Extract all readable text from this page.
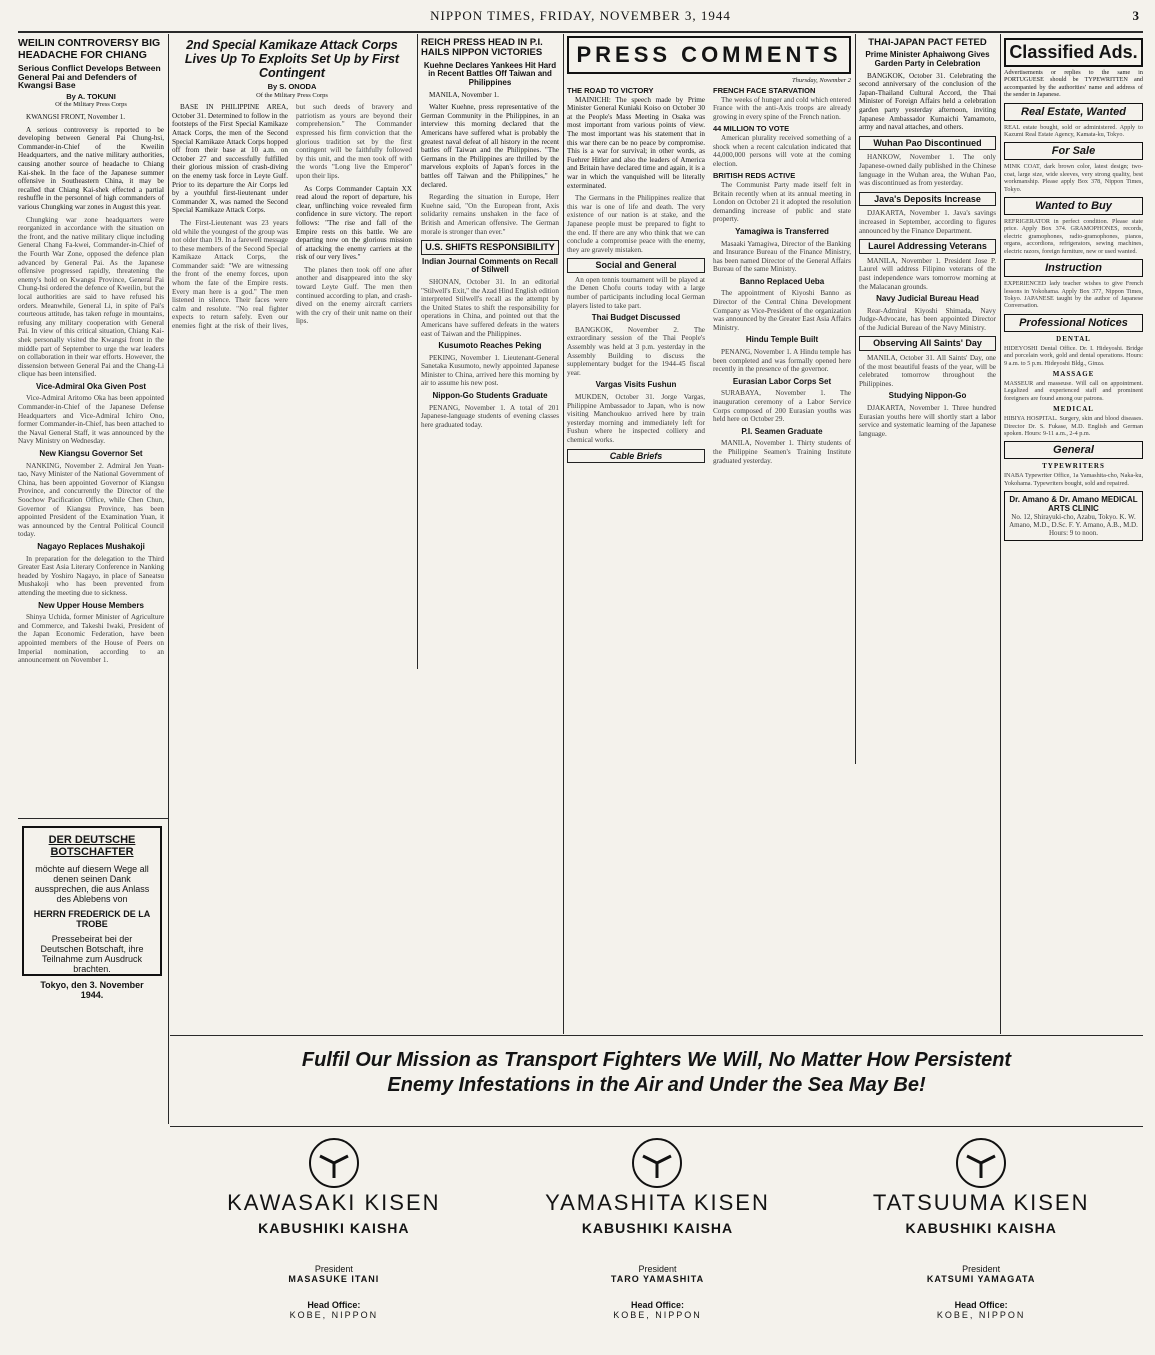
NIPPON TIMES, FRIDAY, NOVEMBER 3, 1944	3
WEILIN CONTROVERSY BIG HEADACHE FOR CHIANG
Serious Conflict Develops Between General Pai and Defenders of Kwangsi Base
By A. TOKUNI
Of the Military Press Corps

KWANGSI FRONT, November 1.

A serious controversy is reported to be developing between General Pai Chung-hsi, Commander-in-Chief of the Kweilin Headquarters, and the native military authorities, causing another source of headache to Chiang Kai-shek. In the face of the Japanese summer offensive in Southeastern China, it may be recalled that Chiang Kai-shek effected a partial reshuffle in the personnel of high commanders of various Chungking war zones in August this year.

Chungking war zone headquarters were reorganized in accordance with the situation on the front, and the native military clique including General Chang Fa-kwei, Commander-in-Chief of the Fourth War Zone, opposed the defence plan advanced by General Pai. As the Japanese offensive progressed rapidly, threatening the enemy's hold on Kwangsi Province, General Pai Chung-hsi ordered the defence of Kweilin, but the local authorities are said to have refused his orders. Meanwhile, General Li, in spite of Pai's courteous attitude, has taken refuge in mountains, refusing any military cooperation with General Pai. In view of this critical situation, Chiang Kai-shek personally visited the Kwangsi front in the middle part of September to urge the war leaders on collaboration in their war efforts. However, the dissension between General Pai and the Chang-Li clique has been intensified.

Vice-Admiral Oka Given Post

Vice-Admiral Aritomo Oka has been appointed Commander-in-Chief of the Japanese Defense Headquarters and Vice-Admiral Ichiro Ono, former Commander-in-Chief, has been attached to the Naval General Staff, it was announced by the Navy Ministry on Wednesday.

New Kiangsu Governor Set

NANKING, November 2. Admiral Jen Yuan-tao, Navy Minister of the National Government of China, has been appointed Governor of Kiangsu Province, and concurrently the Director of the Soochow Pacification Office, while Chen Chun, Governor of Kiangsu Province, has been appointed President of the Examination Yuan, it was announced by the Central Political Council today.

Nagayo Replaces Mushakoji

In preparation for the delegation to the Third Greater East Asia Literary Conference in Nanking headed by Yoshiro Nagayo, in place of Saneatsu Mushakoji who has been prevented from attending the meeting due to sickness.

New Upper House Members

Shinya Uchida, former Minister of Agriculture and Commerce, and Takeshi Iwaki, President of the Japan Economic Federation, have been appointed members of the House of Peers on Imperial nomination, according to an announcement on November 1.

DER DEUTSCHE BOTSCHAFTER
möchte auf diesem Wege all denen seinen Dank aussprechen, die aus Anlass des Ablebens von
HERRN FREDERICK DE LA TROBE
Pressebeirat bei der Deutschen Botschaft, ihre Teilnahme zum Ausdruck brachten.
Tokyo, den 3. November 1944.
2nd Special Kamikaze Attack Corps Lives Up To Exploits Set Up by First Contingent
By S. ONODA
Of the Military Press Corps

BASE IN PHILIPPINE AREA, October 31. Determined to follow in the footsteps of the First Special Kamikaze Attack Corps, the men of the Second Special Kamikaze Attack Corps hopped off from their base at 10 a.m. on October 27 and successfully fulfilled their glorious mission of crash-diving on the enemy task force in Leyte Gulf. Prior to its departure the Air Corps led by a youthful first-lieutenant under Commander X, was named the Second Special Kamikaze Attack Corps.

The First-Lieutenant was 23 years old while the youngest of the group was not older than 19. In a farewell message to these members of the Second Special Kamikaze Attack Corps, the Commander said: "We are witnessing the front of the enemy forces, upon whom the fate of the Empire rests. Every man here is a god." The men listened in silence. Their faces were calm and resolute. "No real fighter expects to return safely. Even our enemies fight at the risk of their lives, but such deeds of bravery and patriotism as yours are beyond their comprehension." The Commander expressed his firm conviction that the glorious tradition set by the first contingent will be faithfully followed by this unit, and the men took off with the words "Long live the Emperor" upon their lips.

As Corps Commander Captain XX read aloud the report of departure, his clear, unflinching voice revealed firm confidence in sure victory. The report follows: "The rise and fall of the Empire rests on this battle. We are departing now on the glorious mission of attacking the enemy carriers at the risk of our very lives."

The planes then took off one after another and disappeared into the sky toward Leyte Gulf. The men then continued according to plan, and crash-dived on the enemy aircraft carriers with the cry of their unit name on their lips.

REICH PRESS HEAD IN P.I. HAILS NIPPON VICTORIES
Kuehne Declares Yankees Hit Hard in Recent Battles Off Taiwan and Philippines

MANILA, November 1.

Walter Kuehne, press representative of the German Community in the Philippines, in an interview this morning declared that the Americans have suffered what is probably the greatest naval defeat of all history in the recent battles off Taiwan and the Philippines. "The Germans in the Philippines are thrilled by the marvelous exploits of Japan's forces in the battles off Taiwan and the Philippines," he declared.

Regarding the situation in Europe, Herr Kuehne said, "On the European front, Axis solidarity remains unshaken in the face of British and American offensive. The German morale is stronger than ever."

U.S. SHIFTS RESPONSIBILITY
Indian Journal Comments on Recall of Stilwell

SHONAN, October 31. In an editorial "Stilwell's Exit," the Azad Hind English edition interpreted Stilwell's recall as the attempt by the United States to shift the responsibility for operations in China, and pointed out that the Americans have suffered defeats in the waters east of Taiwan and the Philippines.

Kusumoto Reaches Peking

PEKING, November 1. Lieutenant-General Sanetaka Kusumoto, newly appointed Japanese Minister to China, arrived here this morning by air to assume his new post.

Nippon-Go Students Graduate

PENANG, November 1. A total of 201 Japanese-language students of evening classes here graduated today.

PRESS COMMENTS
Thursday, November 2
THE ROAD TO VICTORY

MAINICHI: The speech made by Prime Minister General Kuniaki Koiso on October 30 at the People's Mass Meeting in Osaka was most important from various points of view. The most important was his statement that in this war there can be no peace by compromise. This is a war for survival; in other words, as Fuehrer Hitler and also the leaders of America and Britain have declared time and again, it is a war in which the vanquished will be literally exterminated.

The Germans in the Philippines realize that this war is one of life and death. The very existence of our nation is at stake, and the Japanese people must be prepared to fight to the end. If there are any who think that we can conclude a compromise peace with the enemy, they are gravely mistaken.

Social and General

An open tennis tournament will be played at the Denen Chofu courts today with a large number of participants including local German players listed to take part.

Thai Budget Discussed

BANGKOK, November 2. The extraordinary session of the Thai People's Assembly was held at 3 p.m. yesterday in the Assembly Building to discuss the supplementary budget for the 1944-45 fiscal year.

Vargas Visits Fushun

MUKDEN, October 31. Jorge Vargas, Philippine Ambassador to Japan, who is now visiting Manchoukuo arrived here by train yesterday morning and immediately left for Fushun where he inspected colliery and chemical works.

Cable Briefs
FRENCH FACE STARVATION

The weeks of hunger and cold which entered France with the anti-Axis troops are already growing in every spine of the French nation.

44 MILLION TO VOTE

American plurality received something of a shock when a recent calculation indicated that 44,000,000 persons will vote at the coming election.

BRITISH REDS ACTIVE

The Communist Party made itself felt in Britain recently when at its annual meeting in London on October 21 it adopted the resolution demanding increase of public and state property.

Yamagiwa is Transferred

Masaaki Yamagiwa, Director of the Banking and Insurance Bureau of the Finance Ministry, has been named Director of the General Affairs Bureau of the same Ministry.

Banno Replaced Ueba

The appointment of Kiyoshi Banno as Director of the Central China Development Company as Vice-President of the organization was announced by the Greater East Asia Affairs Ministry.

Hindu Temple Built

PENANG, November 1. A Hindu temple has been completed and was formally opened here recently in the presence of the governor.

Eurasian Labor Corps Set

SURABAYA, November 1. The inauguration ceremony of a Labor Service Corps composed of 200 Eurasian youths was held here on October 29.

P.I. Seamen Graduate

MANILA, November 1. Thirty students of the Philippine Seamen's Training Institute graduated yesterday.

THAI-JAPAN PACT FETED
Prime Minister Aphaiwong Gives Garden Party in Celebration

BANGKOK, October 31. Celebrating the second anniversary of the conclusion of the Japan-Thailand Cultural Accord, the Thai Minister of Foreign Affairs held a celebration garden party yesterday afternoon, inviting Japanese Ambassador Kumaichi Yamamoto, army and naval attaches, and others.

Wuhan Pao Discontinued

HANKOW, November 1. The only Japanese-owned daily published in the Chinese language in the Wuhan area, the Wuhan Pao, was discontinued as from yesterday.

Java's Deposits Increase

DJAKARTA, November 1. Java's savings increased in September, according to figures announced by the Finance Department.

Laurel Addressing Veterans

MANILA, November 1. President Jose P. Laurel will address Filipino veterans of the past independence wars tomorrow morning at the Malacanan grounds.

Navy Judicial Bureau Head

Rear-Admiral Kiyoshi Shimada, Navy Judge-Advocate, has been appointed Director of the Judicial Bureau of the Navy Ministry.

Observing All Saints' Day

MANILA, October 31. All Saints' Day, one of the most beautiful feasts of the year, will be celebrated tomorrow throughout the Philippines.

Studying Nippon-Go

DJAKARTA, November 1. Three hundred Eurasian youths here will shortly start a labor service and systematic learning of the Japanese language.

Classified Ads.

Advertisements or replies to the same in PORTUGUESE should be TYPEWRITTEN and accompanied by the authorities' name and address of the sender in Japanese.

Real Estate, Wanted

REAL estate bought, sold or administered. Apply to Kazumi Real Estate Agency, Kamata-ku, Tokyo.

For Sale

MINK COAT, dark brown color, latest design; two-coat, large size, wide sleeves, very strong quality, best workmanship. Please apply Box 378, Nippon Times, Tokyo.

Wanted to Buy

REFRIGERATOR in perfect condition. Please state price. Apply Box 374. GRAMOPHONES, records, electric gramophones, radio-gramophones, pianos, organs, accordions, refrigerators, sewing machines, electric razors, foreign furniture, new or used wanted.

Instruction

EXPERIENCED lady teacher wishes to give French lessons in Yokohama. Apply Box 377, Nippon Times, Tokyo. JAPANESE taught by the author of Japanese Conversation.

Professional Notices
DENTAL

HIDEYOSHI Dental Office. Dr. I. Hideyoshi. Bridge and porcelain work, gold and dental operations. Hours: 9 a.m. to 5 p.m. Hideyoshi Bldg., Ginza.

MASSAGE

MASSEUR and masseuse. Will call on appointment. Legalized and experienced staff and prominent foreigners are found among our patrons.

MEDICAL

HIBIYA HOSPITAL. Surgery, skin and blood diseases. Director Dr. S. Fukase, M.D. English and German spoken. Hours: 9-11 a.m., 2-4 p.m.

General
TYPEWRITERS

INABA Typewriter Office, 1a Yamashita-cho, Naka-ku, Yokohama. Typewriters bought, sold and repaired.

Dr. Amano & Dr. Amano MEDICAL ARTS CLINIC
No. 12, Shirayuki-cho, Azabu, Tokyo. K. W. Amano, M.D., D.Sc. F. Y. Amano, A.B., M.D. Hours: 9 to noon.
Fulfil Our Mission as Transport Fighters We Will, No Matter How Persistent
Enemy Infestations in the Air and Under the Sea May Be!
KAWASAKI KISEN
KABUSHIKI KAISHA
President
MASASUKE ITANI
Head Office:
KOBE, NIPPON
YAMASHITA KISEN
KABUSHIKI KAISHA
President
TARO YAMASHITA
Head Office:
KOBE, NIPPON
TATSUUMA KISEN
KABUSHIKI KAISHA
President
KATSUMI YAMAGATA
Head Office:
KOBE, NIPPON
